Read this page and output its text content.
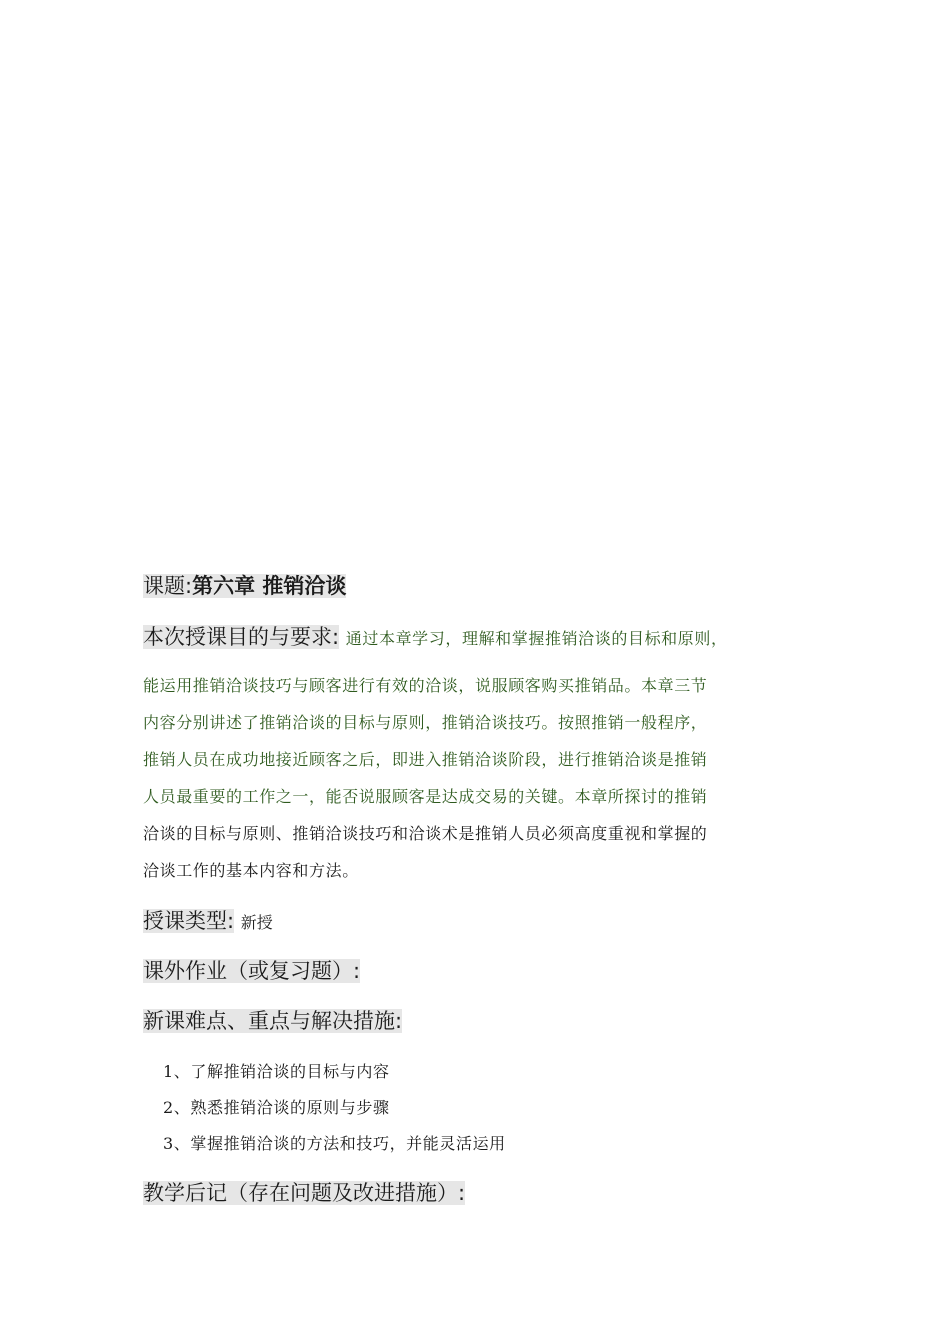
课题:第六章 推销洽谈
本次授课目的与要求: 通过本章学习，理解和掌握推销洽谈的目标和原则，
能运用推销洽谈技巧与顾客进行有效的洽谈，说服顾客购买推销品。本章三节
内容分别讲述了推销洽谈的目标与原则，推销洽谈技巧。按照推销一般程序，
推销人员在成功地接近顾客之后，即进入推销洽谈阶段，进行推销洽谈是推销
人员最重要的工作之一，能否说服顾客是达成交易的关键。本章所探讨的推销
洽谈的目标与原则、推销洽谈技巧和洽谈术是推销人员必须高度重视和掌握的
洽谈工作的基本内容和方法。
授课类型: 新授
课外作业（或复习题）:
新课难点、重点与解决措施:
1、了解推销洽谈的目标与内容
2、熟悉推销洽谈的原则与步骤
3、掌握推销洽谈的方法和技巧，并能灵活运用
教学后记（存在问题及改进措施）:
